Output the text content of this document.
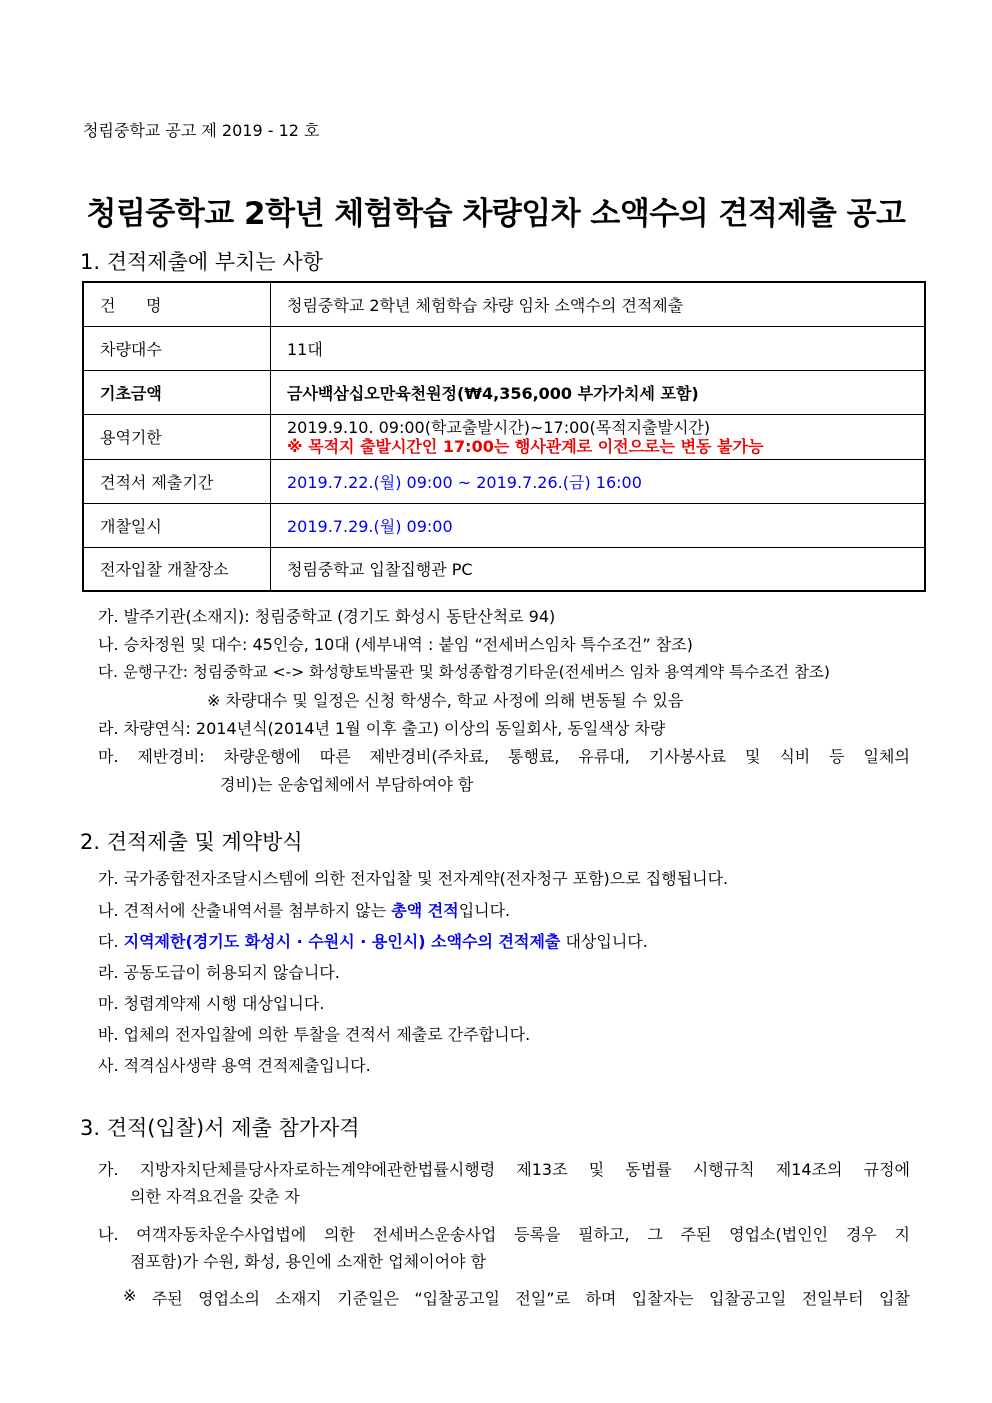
청림중학교 공고 제 2019 - 12 호
청림중학교 2학년 체험학습 차량임차 소액수의 견적제출 공고
1. 견적제출에 부치는 사항
건      명	청림중학교 2학년 체험학습 차량 임차 소액수의 견적제출
차량대수	11대
기초금액	금사백삼십오만육천원정(₩4,356,000 부가가치세 포함)
용역기한	2019.9.10. 09:00(학교출발시간)~17:00(목적지출발시간)
※ 목적지 출발시간인 17:00는 행사관계로 이전으로는 변동 불가능

견적서 제출기간	2019.7.22.(월) 09:00 ~ 2019.7.26.(금) 16:00
개찰일시	2019.7.29.(월) 09:00
전자입찰 개찰장소	청림중학교 입찰집행관 PC
가. 발주기관(소재지): 청림중학교 (경기도 화성시 동탄산척로 94)
나. 승차정원 및 대수: 45인승, 10대 (세부내역 : 붙임 “전세버스임차 특수조건” 참조)
다. 운행구간: 청림중학교 <-> 화성향토박물관 및 화성종합경기타운(전세버스 임차 용역계약 특수조건 참조)
※ 차량대수 및 일정은 신청 학생수, 학교 사정에 의해 변동될 수 있음
라. 차량연식: 2014년식(2014년 1월 이후 출고) 이상의 동일회사, 동일색상 차량
마. 제반경비: 차량운행에 따른 제반경비(주차료, 통행료, 유류대, 기사봉사료 및 식비 등 일체의
경비)는 운송업체에서 부담하여야 함
2. 견적제출 및 계약방식
가. 국가종합전자조달시스템에 의한 전자입찰 및 전자계약(전자청구 포함)으로 집행됩니다.
나. 견적서에 산출내역서를 첨부하지 않는 총액 견적입니다.
다. 지역제한(경기도 화성시 · 수원시 · 용인시) 소액수의 견적제출 대상입니다.
라. 공동도급이 허용되지 않습니다.
마. 청렴계약제 시행 대상입니다.
바. 업체의 전자입찰에 의한 투찰을 견적서 제출로 간주합니다.
사. 적격심사생략 용역 견적제출입니다.
3. 견적(입찰)서 제출 참가자격
가. 지방자치단체를당사자로하는계약에관한법률시행령 제13조 및 동법률 시행규칙 제14조의 규정에
의한 자격요건을 갖춘 자
나. 여객자동차운수사업법에 의한 전세버스운송사업 등록을 필하고, 그 주된 영업소(법인인 경우 지
점포함)가 수원, 화성, 용인에 소재한 업체이어야 함
※ 주된 영업소의 소재지 기준일은 “입찰공고일 전일”로 하며 입찰자는 입찰공고일 전일부터 입찰
